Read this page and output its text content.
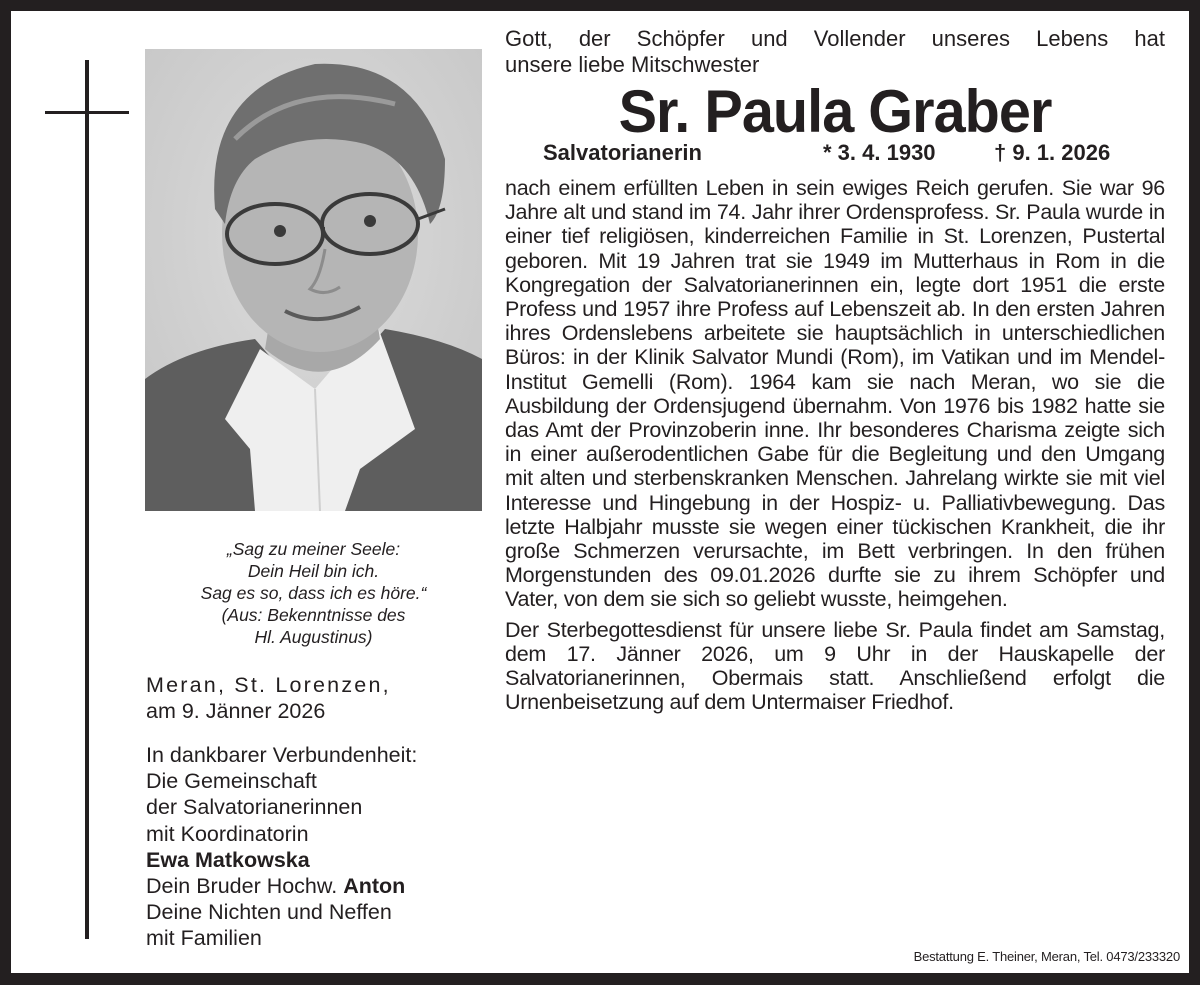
„Sag zu meiner Seele:
Dein Heil bin ich.
Sag es so, dass ich es höre.“
(Aus: Bekenntnisse des
Hl. Augustinus)
Meran, St. Lorenzen,
am 9. Jänner 2026
In dankbarer Verbundenheit:
Die Gemeinschaft
der Salvatorianerinnen
mit Koordinatorin
Ewa Matkowska
Dein Bruder Hochw. Anton
Deine Nichten und Neffen
mit Familien
Gott, der Schöpfer und Vollender unseres Lebens hat
unsere liebe Mitschwester
Sr. Paula Graber
Salvatorianerin	* 3. 4. 1930	† 9. 1. 2026
nach einem erfüllten Leben in sein ewiges Reich gerufen. Sie war 96 Jahre alt und stand im 74. Jahr ihrer Ordensprofess. Sr. Paula wurde in einer tief religiösen, kinderreichen Familie in St. Lorenzen, Pustertal geboren. Mit 19 Jahren trat sie 1949 im Mutterhaus in Rom in die Kongregation der Salvatorianerinnen ein, legte dort 1951 die erste Profess und 1957 ihre Profess auf Lebenszeit ab. In den ersten Jahren ihres Ordenslebens arbeitete sie hauptsächlich in unterschiedlichen Büros: in der Klinik Salvator Mundi (Rom), im Vatikan und im Mendel-Institut Gemelli (Rom). 1964 kam sie nach Meran, wo sie die Ausbildung der Ordensjugend übernahm. Von 1976 bis 1982 hatte sie das Amt der Provinzoberin inne. Ihr besonderes Charisma zeigte sich in einer außerodentlichen Gabe für die Begleitung und den Umgang mit alten und sterbenskranken Menschen. Jahrelang wirkte sie mit viel Interesse und Hingebung in der Hospiz- u. Palliativbewegung. Das letzte Halbjahr musste sie wegen einer tückischen Krankheit, die ihr große Schmerzen verursachte, im Bett verbringen. In den frühen Morgenstunden des 09.01.2026 durfte sie zu ihrem Schöpfer und Vater, von dem sie sich so geliebt wusste, heimgehen.

Der Sterbegottesdienst für unsere liebe Sr. Paula findet am Samstag, dem 17. Jänner 2026, um 9 Uhr in der Hauskapelle der Salvatorianerinnen, Obermais statt. Anschließend erfolgt die Urnenbeisetzung auf dem Untermaiser Friedhof.

Bestattung E. Theiner, Meran, Tel. 0473/233320
